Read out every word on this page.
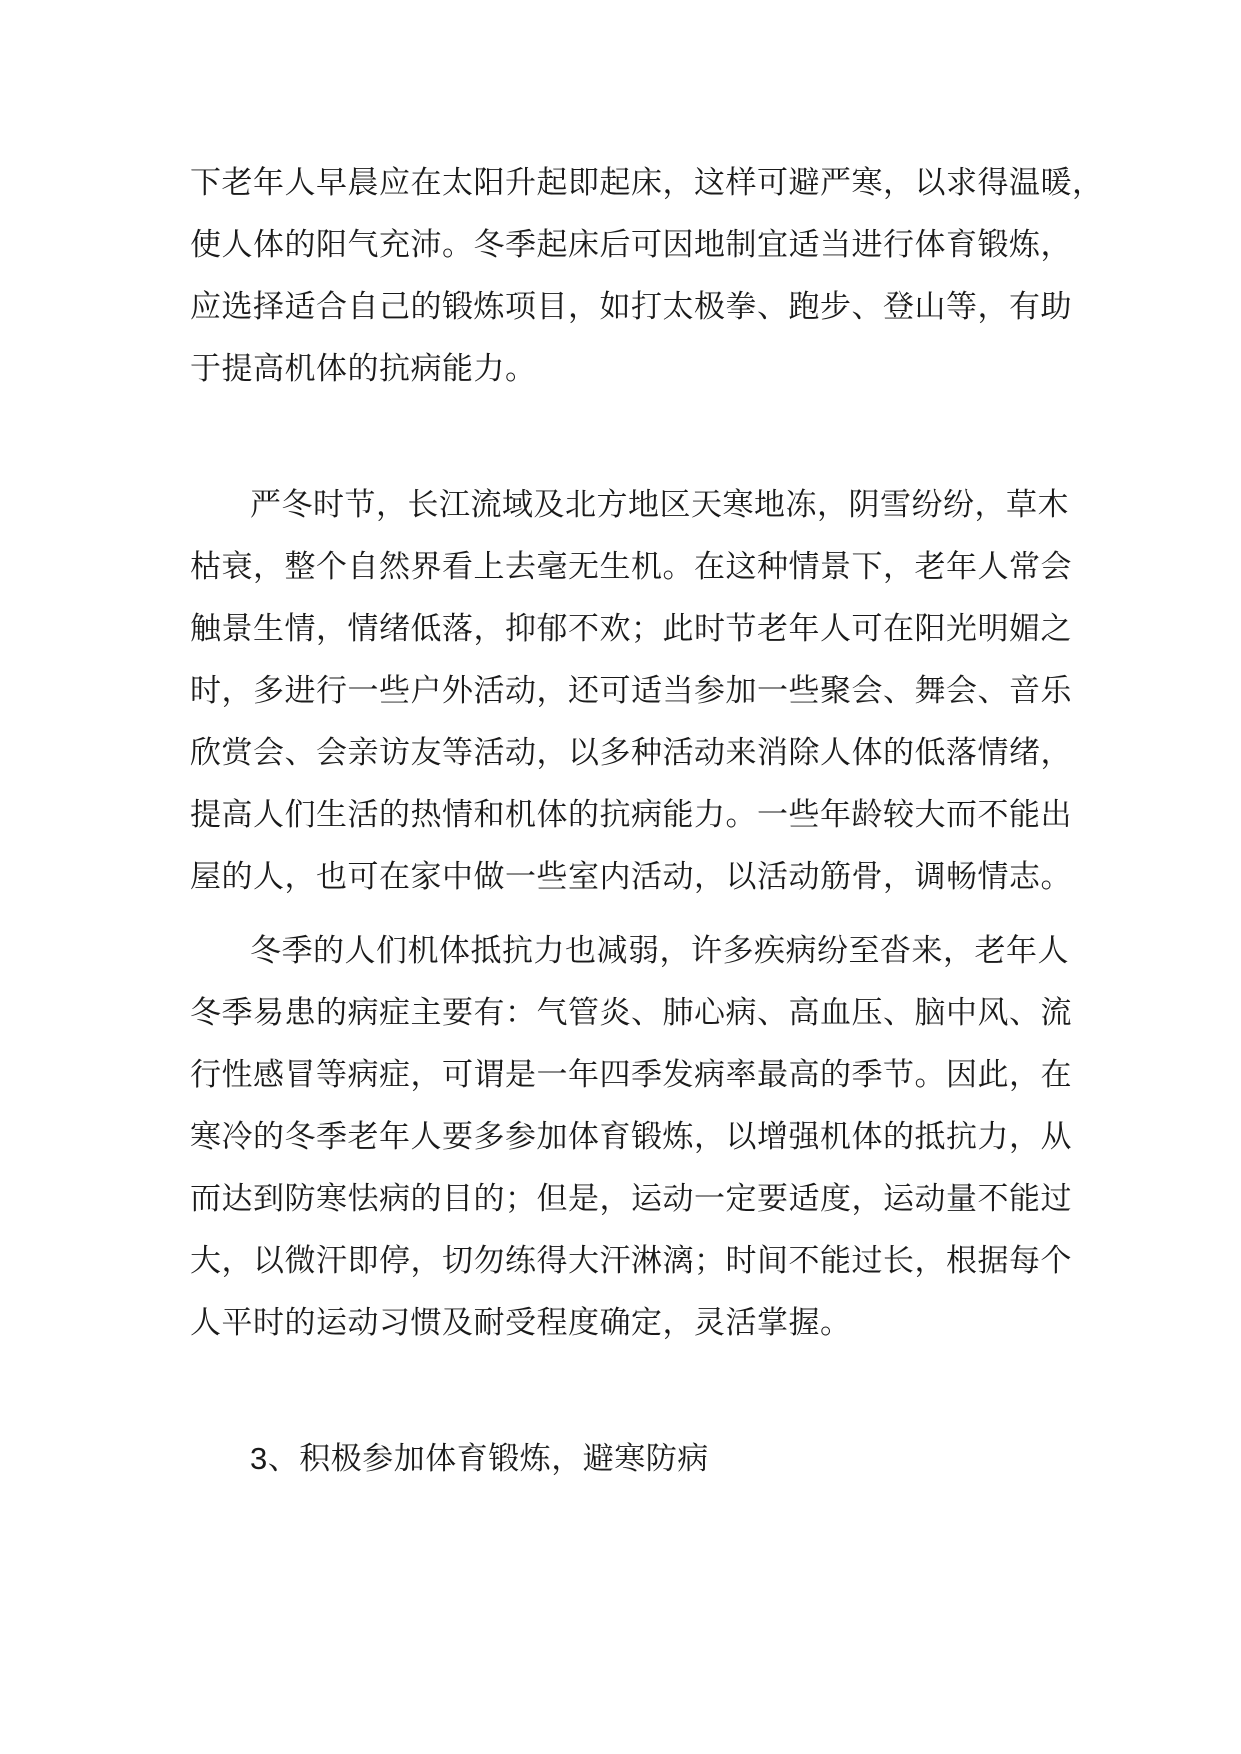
下老年人早晨应在太阳升起即起床，这样可避严寒，以求得温暖，

使人体的阳气充沛。冬季起床后可因地制宜适当进行体育锻炼，

应选择适合自己的锻炼项目，如打太极拳、跑步、登山等，有助

于提高机体的抗病能力。

严冬时节，长江流域及北方地区天寒地冻，阴雪纷纷，草木

枯衰，整个自然界看上去毫无生机。在这种情景下，老年人常会

触景生情，情绪低落，抑郁不欢；此时节老年人可在阳光明媚之

时，多进行一些户外活动，还可适当参加一些聚会、舞会、音乐

欣赏会、会亲访友等活动，以多种活动来消除人体的低落情绪，

提高人们生活的热情和机体的抗病能力。一些年龄较大而不能出

屋的人，也可在家中做一些室内活动，以活动筋骨，调畅情志。

冬季的人们机体抵抗力也减弱，许多疾病纷至沓来，老年人

冬季易患的病症主要有：气管炎、肺心病、高血压、脑中风、流

行性感冒等病症，可谓是一年四季发病率最高的季节。因此，在

寒冷的冬季老年人要多参加体育锻炼，以增强机体的抵抗力，从

而达到防寒怯病的目的；但是，运动一定要适度，运动量不能过

大，以微汗即停，切勿练得大汗淋漓；时间不能过长，根据每个

人平时的运动习惯及耐受程度确定，灵活掌握。

3、积极参加体育锻炼，避寒防病
